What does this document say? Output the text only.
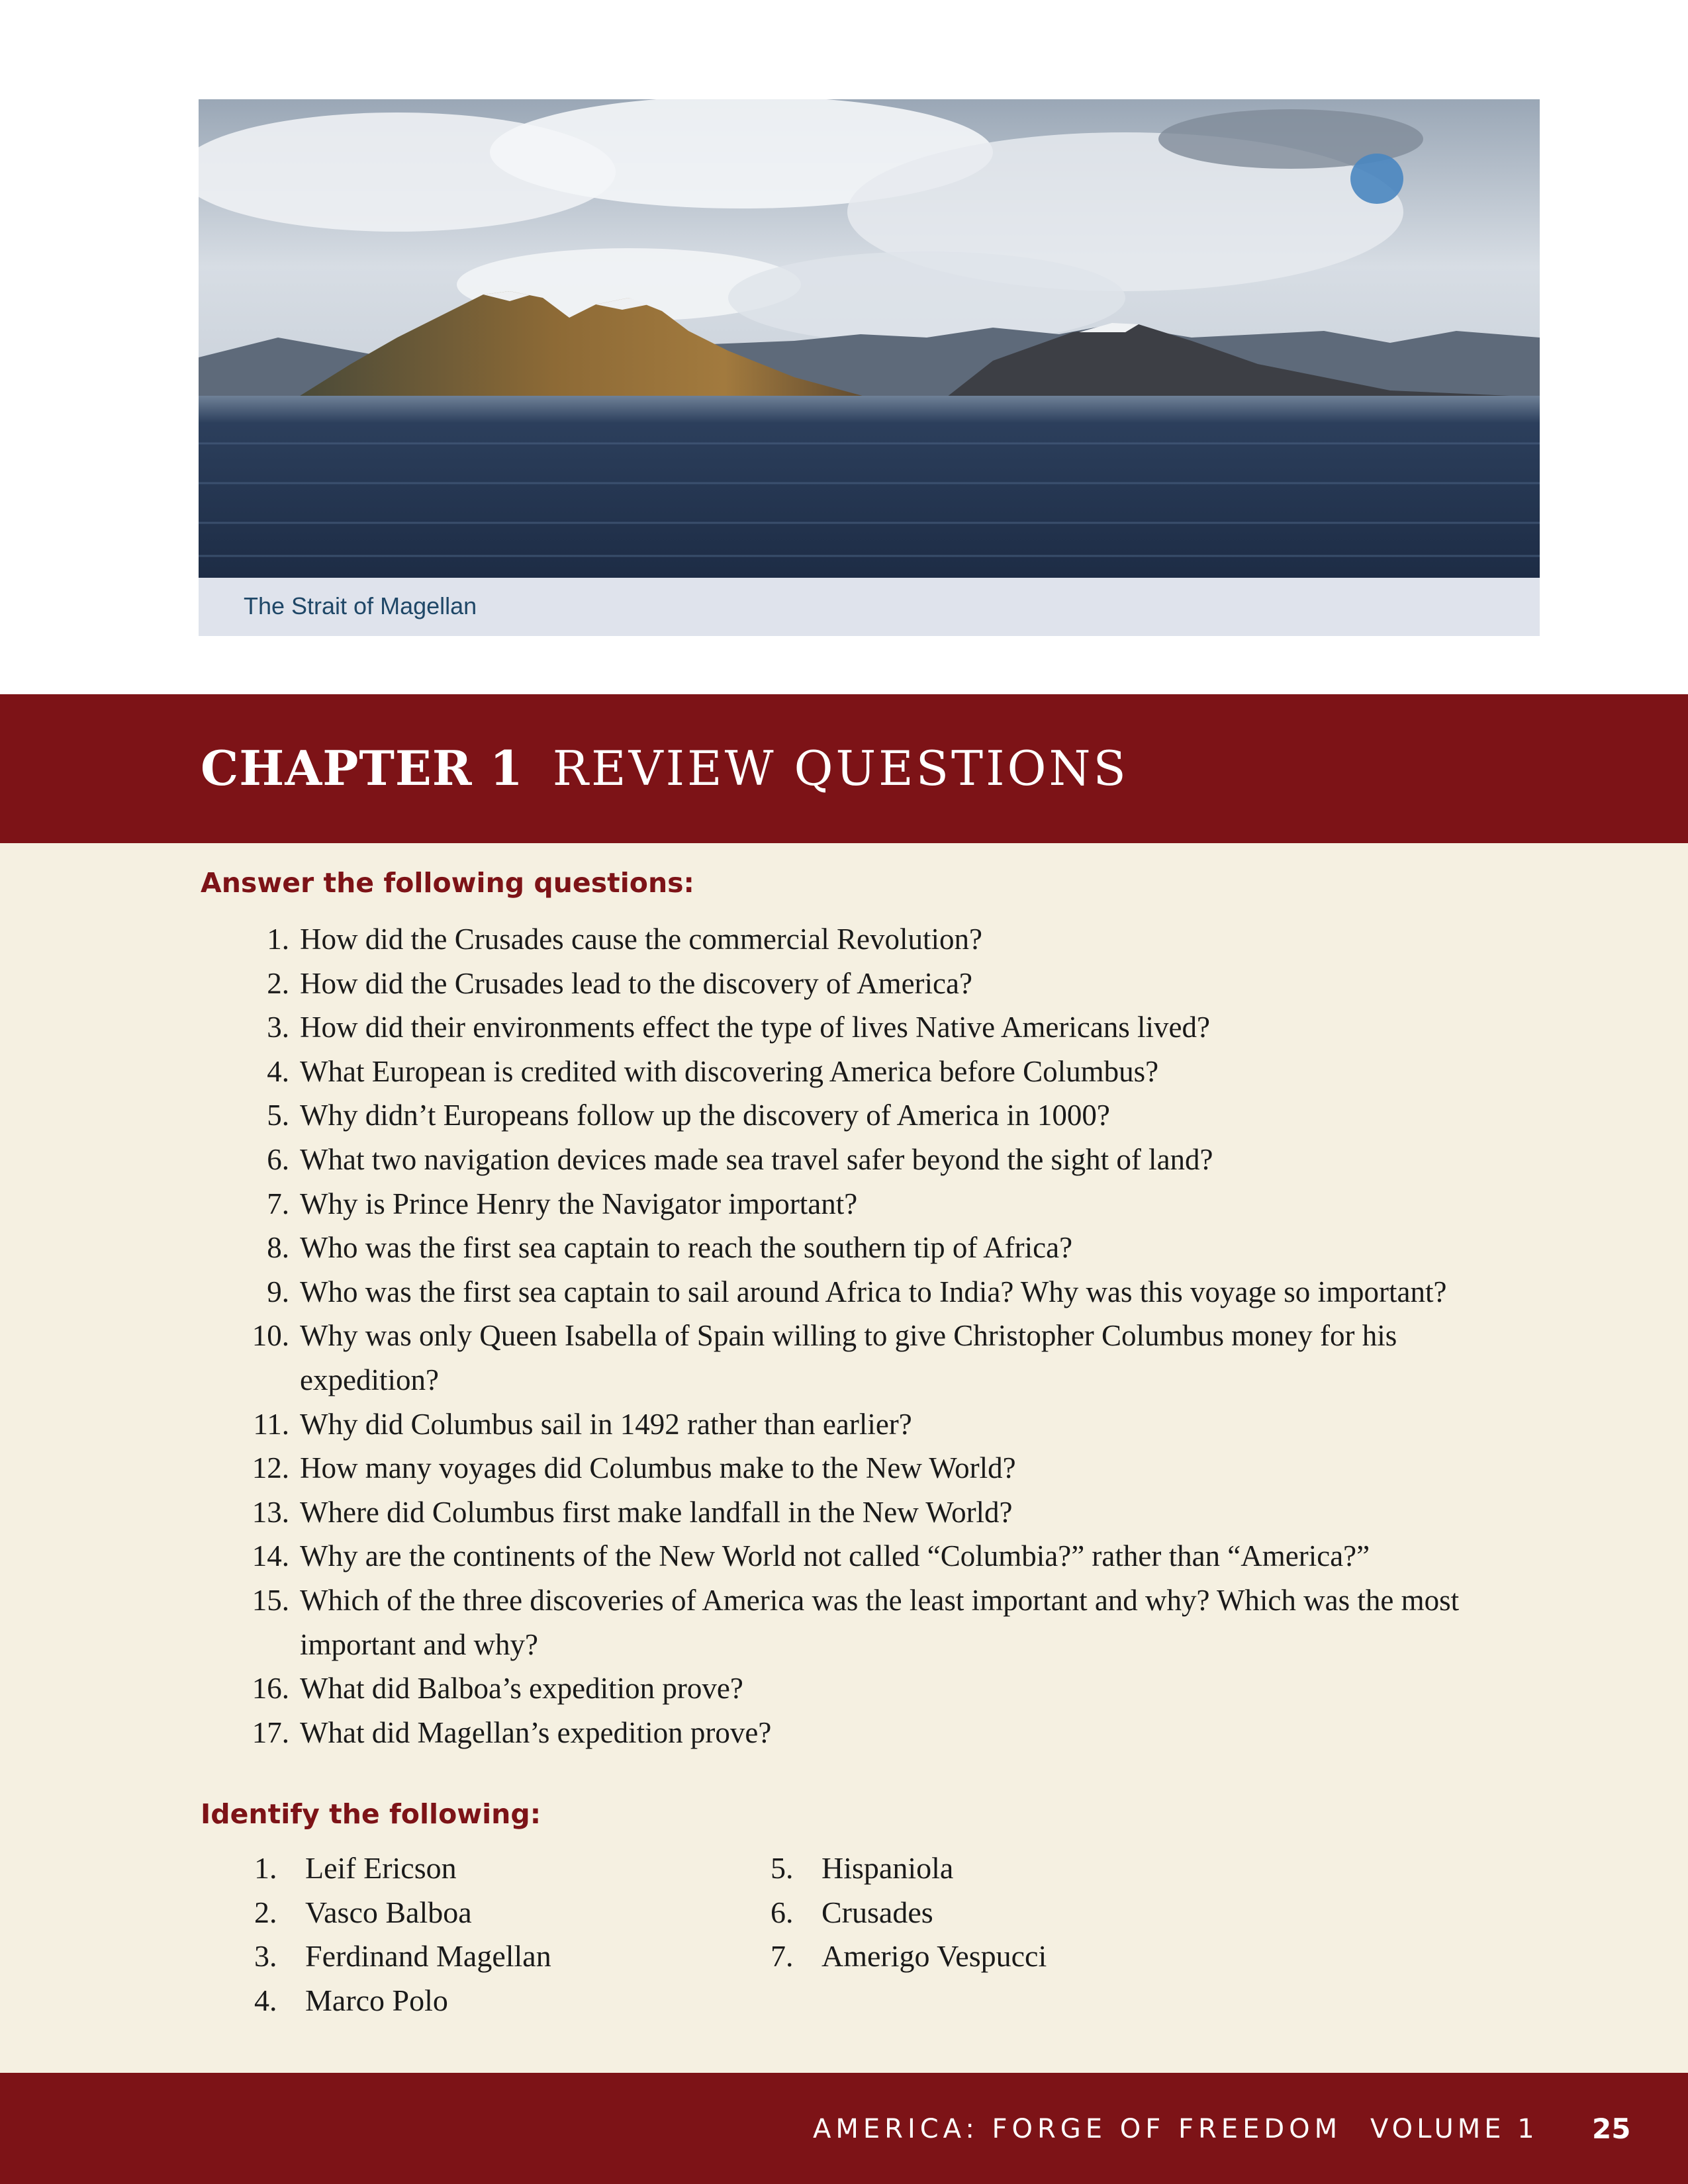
The Strait of Magellan
CHAPTER 1 REVIEW QUESTIONS
Answer the following questions:
1. How did the Crusades cause the commercial Revolution?
2. How did the Crusades lead to the discovery of America?
3. How did their environments effect the type of lives Native Americans lived?
4. What European is credited with discovering America before Columbus?
5. Why didn’t Europeans follow up the discovery of America in 1000?
6. What two navigation devices made sea travel safer beyond the sight of land?
7. Why is Prince Henry the Navigator important?
8. Who was the first sea captain to reach the southern tip of Africa?
9. Who was the first sea captain to sail around Africa to India? Why was this voyage so important?
10. Why was only Queen Isabella of Spain willing to give Christopher Columbus money for his expedition?
11. Why did Columbus sail in 1492 rather than earlier?
12. How many voyages did Columbus make to the New World?
13. Where did Columbus first make landfall in the New World?
14. Why are the continents of the New World not called “Columbia?” rather than “America?”
15. Which of the three discoveries of America was the least important and why? Which was the most important and why?
16. What did Balboa’s expedition prove?
17. What did Magellan’s expedition prove?
Identify the following:
1. Leif Ericson
2. Vasco Balboa
3. Ferdinand Magellan
4. Marco Polo
5. Hispaniola
6. Crusades
7. Amerigo Vespucci
AMERICA: FORGE OF FREEDOM VOLUME 1 25
